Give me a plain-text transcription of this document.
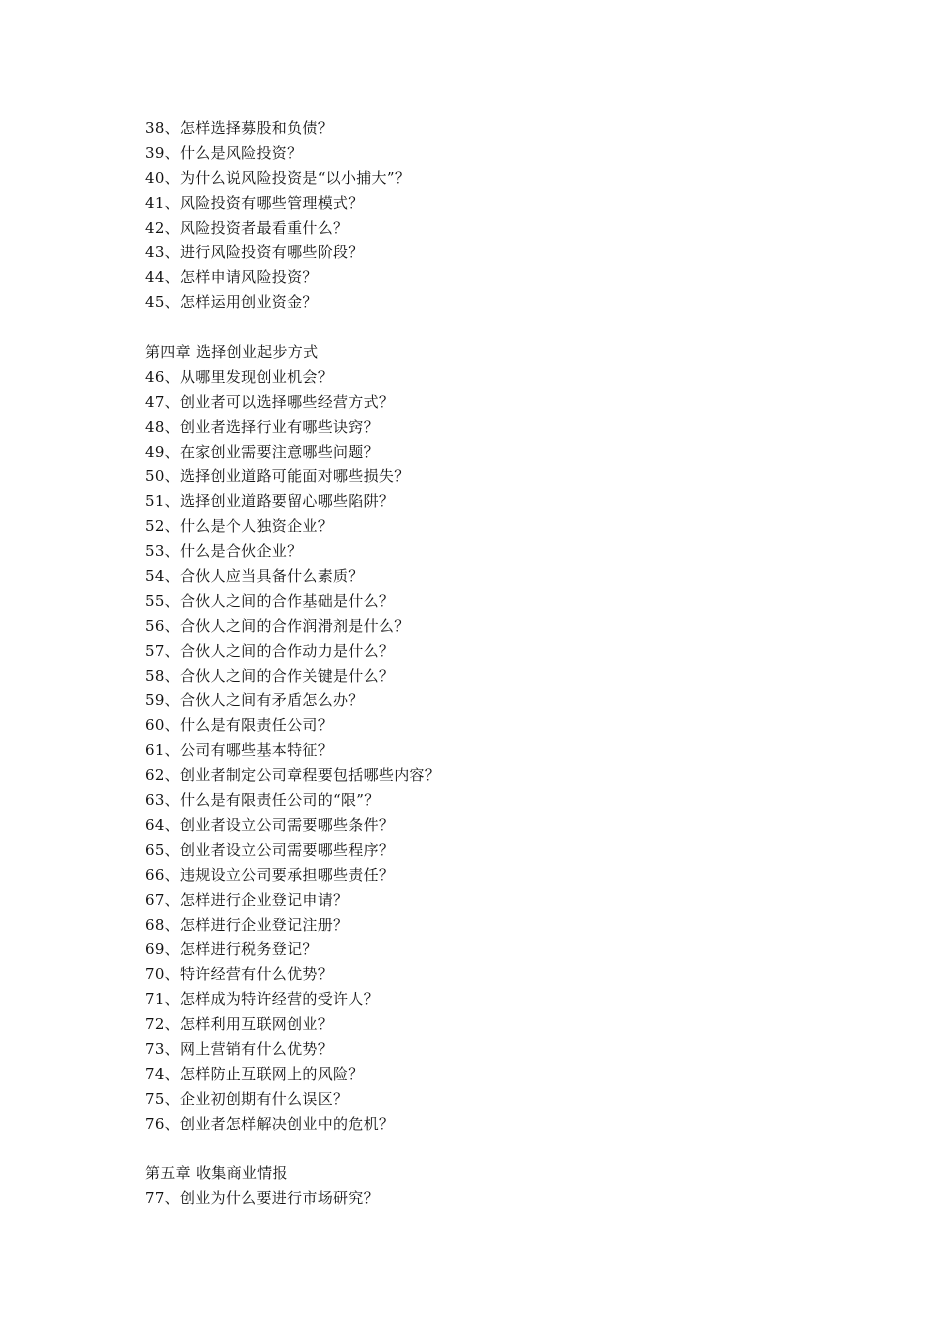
38、怎样选择募股和负债？
39、什么是风险投资？
40、为什么说风险投资是“以小捕大”？
41、风险投资有哪些管理模式？
42、风险投资者最看重什么？
43、进行风险投资有哪些阶段？
44、怎样申请风险投资？
45、怎样运用创业资金？
第四章 选择创业起步方式
46、从哪里发现创业机会？
47、创业者可以选择哪些经营方式？
48、创业者选择行业有哪些诀窍？
49、在家创业需要注意哪些问题？
50、选择创业道路可能面对哪些损失？
51、选择创业道路要留心哪些陷阱？
52、什么是个人独资企业？
53、什么是合伙企业？
54、合伙人应当具备什么素质？
55、合伙人之间的合作基础是什么？
56、合伙人之间的合作润滑剂是什么？
57、合伙人之间的合作动力是什么？
58、合伙人之间的合作关键是什么？
59、合伙人之间有矛盾怎么办？
60、什么是有限责任公司？
61、公司有哪些基本特征？
62、创业者制定公司章程要包括哪些内容？
63、什么是有限责任公司的“限”？
64、创业者设立公司需要哪些条件？
65、创业者设立公司需要哪些程序？
66、违规设立公司要承担哪些责任？
67、怎样进行企业登记申请？
68、怎样进行企业登记注册？
69、怎样进行税务登记？
70、特许经营有什么优势？
71、怎样成为特许经营的受许人？
72、怎样利用互联网创业？
73、网上营销有什么优势？
74、怎样防止互联网上的风险？
75、企业初创期有什么误区？
76、创业者怎样解决创业中的危机？
第五章 收集商业情报
77、创业为什么要进行市场研究？
